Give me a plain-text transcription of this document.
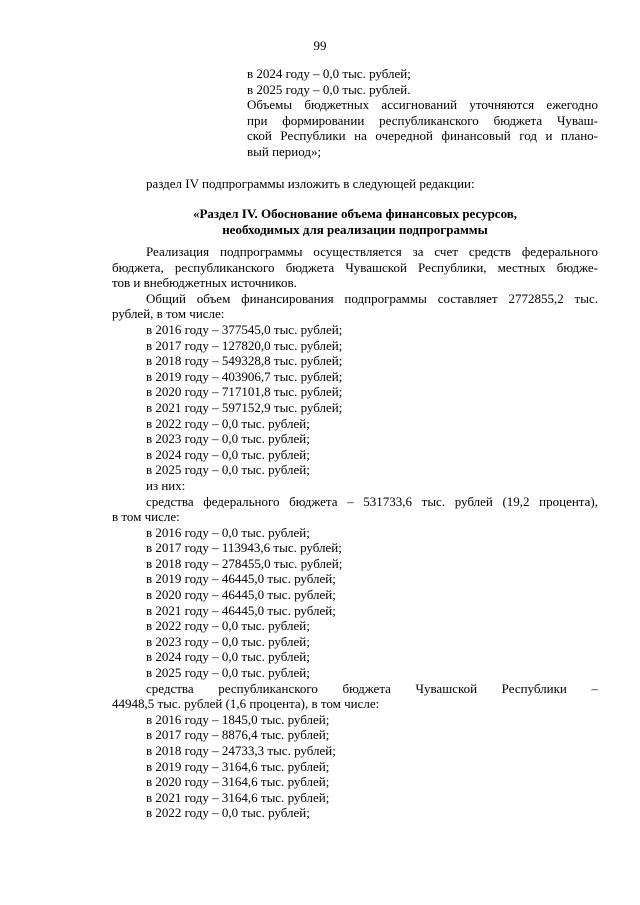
99
в 2024 году – 0,0 тыс. рублей;
в 2025 году – 0,0 тыс. рублей.
Объемы бюджетных ассигнований уточняются ежегодно
при формировании республиканского бюджета Чуваш-
ской Республики на очередной финансовый год и плано-
вый период»;
раздел IV подпрограммы изложить в следующей редакции:
«Раздел IV. Обоснование объема финансовых ресурсов,
необходимых для реализации подпрограммы
Реализация подпрограммы осуществляется за счет средств федерального
бюджета, республиканского бюджета Чувашской Республики, местных бюдже-
тов и внебюджетных источников.
Общий объем финансирования подпрограммы составляет 2772855,2 тыс.
рублей, в том числе:
в 2016 году – 377545,0 тыс. рублей;
в 2017 году – 127820,0 тыс. рублей;
в 2018 году – 549328,8 тыс. рублей;
в 2019 году – 403906,7 тыс. рублей;
в 2020 году – 717101,8 тыс. рублей;
в 2021 году – 597152,9 тыс. рублей;
в 2022 году – 0,0 тыс. рублей;
в 2023 году – 0,0 тыс. рублей;
в 2024 году – 0,0 тыс. рублей;
в 2025 году – 0,0 тыс. рублей;
из них:
средства федерального бюджета – 531733,6 тыс. рублей (19,2 процента),
в том числе:
в 2016 году – 0,0 тыс. рублей;
в 2017 году – 113943,6 тыс. рублей;
в 2018 году – 278455,0 тыс. рублей;
в 2019 году – 46445,0 тыс. рублей;
в 2020 году – 46445,0 тыс. рублей;
в 2021 году – 46445,0 тыс. рублей;
в 2022 году – 0,0 тыс. рублей;
в 2023 году – 0,0 тыс. рублей;
в 2024 году – 0,0 тыс. рублей;
в 2025 году – 0,0 тыс. рублей;
средства республиканского бюджета Чувашской Республики –
44948,5 тыс. рублей (1,6 процента), в том числе:
в 2016 году – 1845,0 тыс. рублей;
в 2017 году – 8876,4 тыс. рублей;
в 2018 году – 24733,3 тыс. рублей;
в 2019 году – 3164,6 тыс. рублей;
в 2020 году – 3164,6 тыс. рублей;
в 2021 году – 3164,6 тыс. рублей;
в 2022 году – 0,0 тыс. рублей;
